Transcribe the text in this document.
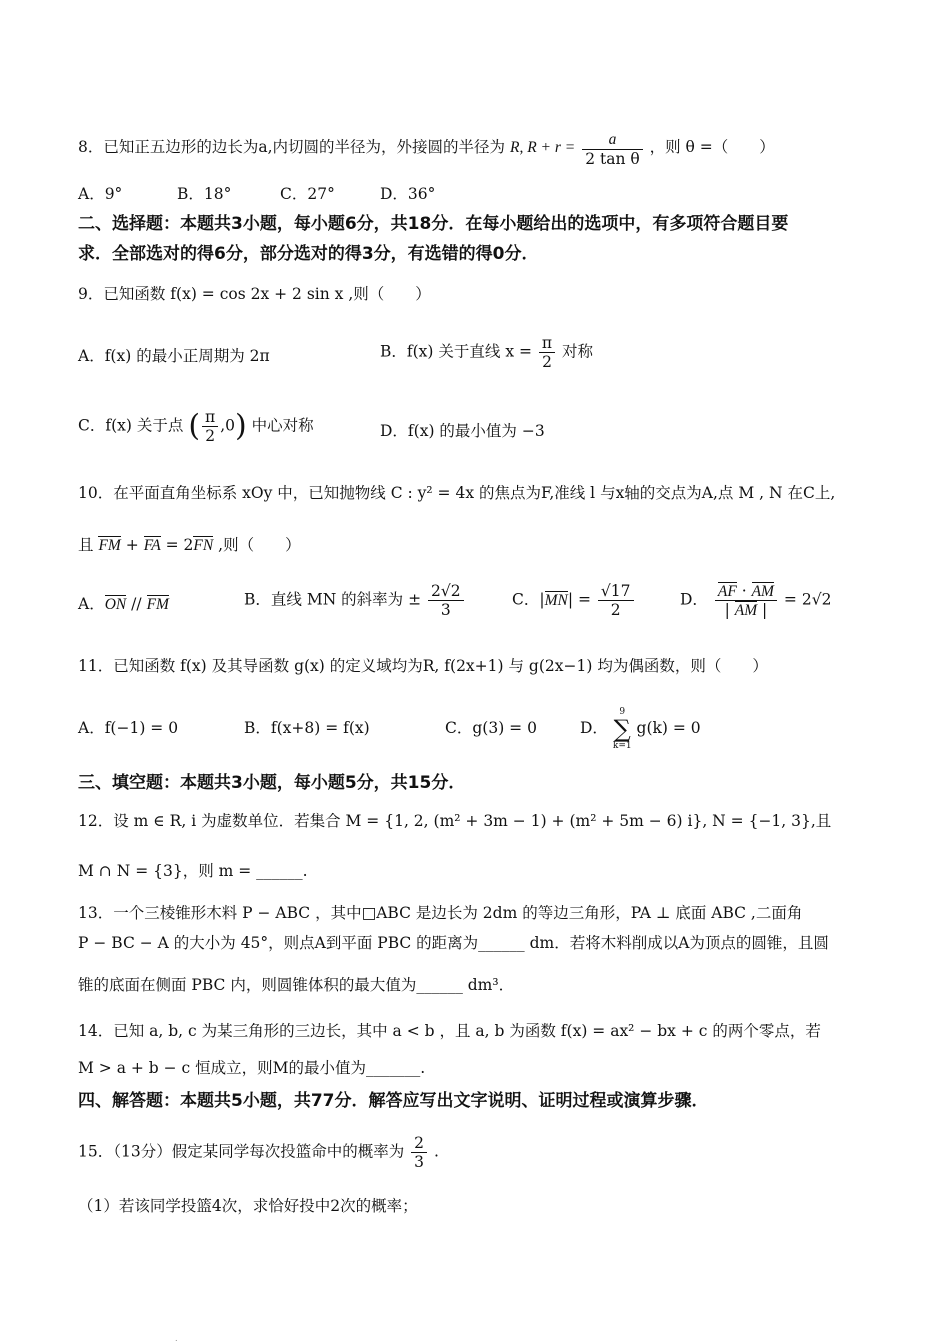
8．已知正五边形的边长为a,内切圆的半径为，外接圆的半径为 R, $R + r = \frac{a}{\text{2 tan θ}}$ ，则 θ =（　　）
A．9°	B．18°	C．27°	D．36°
二、选择题：本题共3小题，每小题6分，共18分．在每小题给出的选项中，有多项符合题目要
求．全部选对的得6分，部分选对的得3分，有选错的得0分．
9．已知函数 f(x) = cos 2x + 2 sin x ,则（　　）
A．f(x) 的最小正周期为 2π	B．f(x) 关于直线 $x = \frac{\pi}{2}$ 对称
C．f(x) 关于点 ( $\frac{\pi}{2} ,0$) 中心对称	D．f(x) 的最小值为 −3
10．在平面直角坐标系 xOy 中，已知抛物线 C : y² = 4x 的焦点为F,准线 l 与x轴的交点为A,点 M , N 在C上,
且 FM + FA = 2FN ,则（　　）
A．ON // FM	B．直线 MN 的斜率为 ± $\frac{2√2}{3}$	C．$|MN| = \frac{√17}{2}$	D． $\frac{AF \cdot AM}{| AM |} = 2√2$
11．已知函数 f(x) 及其导函数 g(x) 的定义域均为R, f(2x+1) 与 g(2x−1) 均为偶函数，则（　　）
A．f(−1) = 0	B．f(x+8) = f(x)	C．g(3) = 0	D．
9
∑
k=1
g(k) = 0
三、填空题：本题共3小题，每小题5分，共15分．
12．设 m ∈ R, i 为虚数单位．若集合 M = {1, 2, (m² + 3m − 1) + (m² + 5m − 6) i}, N = {−1, 3},且
M ∩ N = {3}，则 m = ______.
13．一个三棱锥形木料 P − ABC ，其中□ABC 是边长为 2dm 的等边三角形，PA ⊥ 底面 ABC ,二面角
P − BC − A 的大小为 45°，则点A到平面 PBC 的距离为______ dm．若将木料削成以A为顶点的圆锥，且圆
锥的底面在侧面 PBC 内，则圆锥体积的最大值为______ dm³．
14．已知 a, b, c 为某三角形的三边长，其中 a < b ，且 a, b 为函数 f(x) = ax² − bx + c 的两个零点，若
M > a + b − c 恒成立，则M的最小值为_______.
四、解答题：本题共5小题，共77分．解答应写出文字说明、证明过程或演算步骤．
15．（13分）假定某同学每次投篮命中的概率为 $\frac{2}{3}$ .
（1）若该同学投篮4次，求恰好投中2次的概率；
.
